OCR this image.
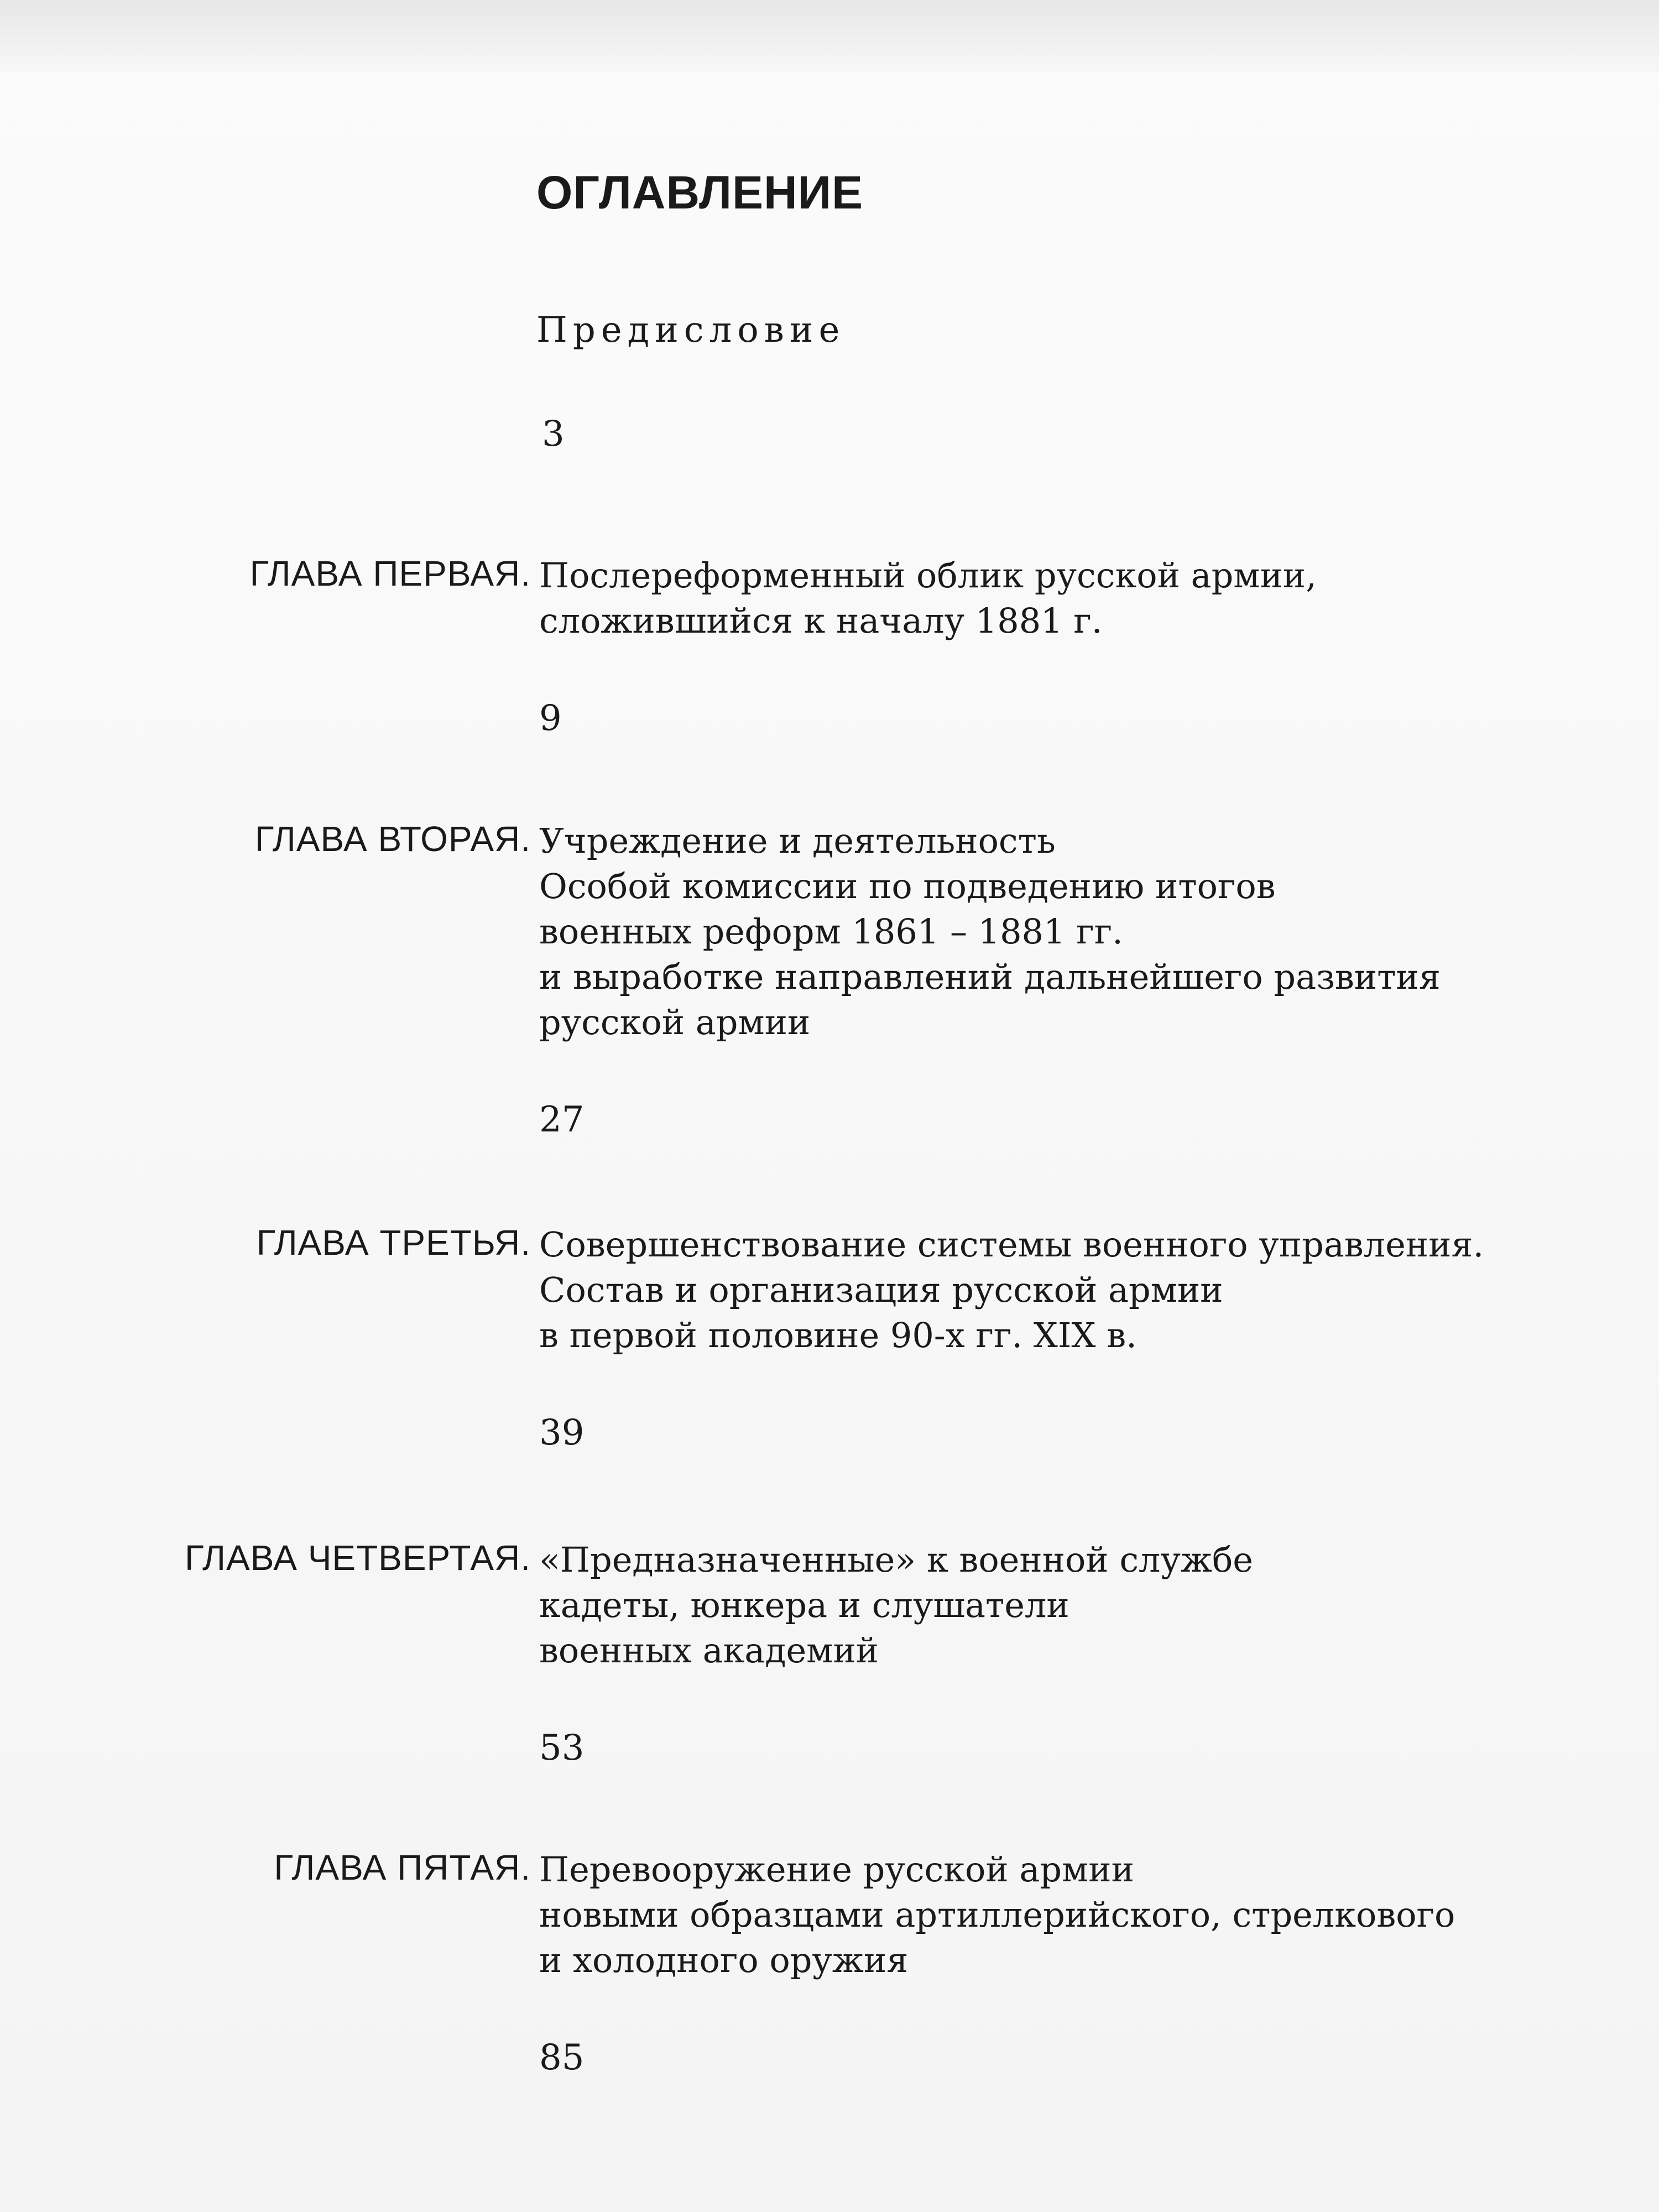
ОГЛАВЛЕНИЕ
Предисловие
3
ГЛАВА ПЕРВАЯ. Послереформенный облик русской армии,
сложившийся к началу 1881 г.
9
ГЛАВА ВТОРАЯ. Учреждение и деятельность
Особой комиссии по подведению итогов
военных реформ 1861 – 1881 гг.
и выработке направлений дальнейшего развития
русской армии
27
ГЛАВА ТРЕТЬЯ. Совершенствование системы военного управления.
Состав и организация русской армии
в первой половине 90-х гг. XIX в.
39
ГЛАВА ЧЕТВЕРТАЯ. «Предназначенные» к военной службе
кадеты, юнкера и слушатели
военных академий
53
ГЛАВА ПЯТАЯ. Перевооружение русской армии
новыми образцами артиллерийского, стрелкового
и холодного оружия
85
